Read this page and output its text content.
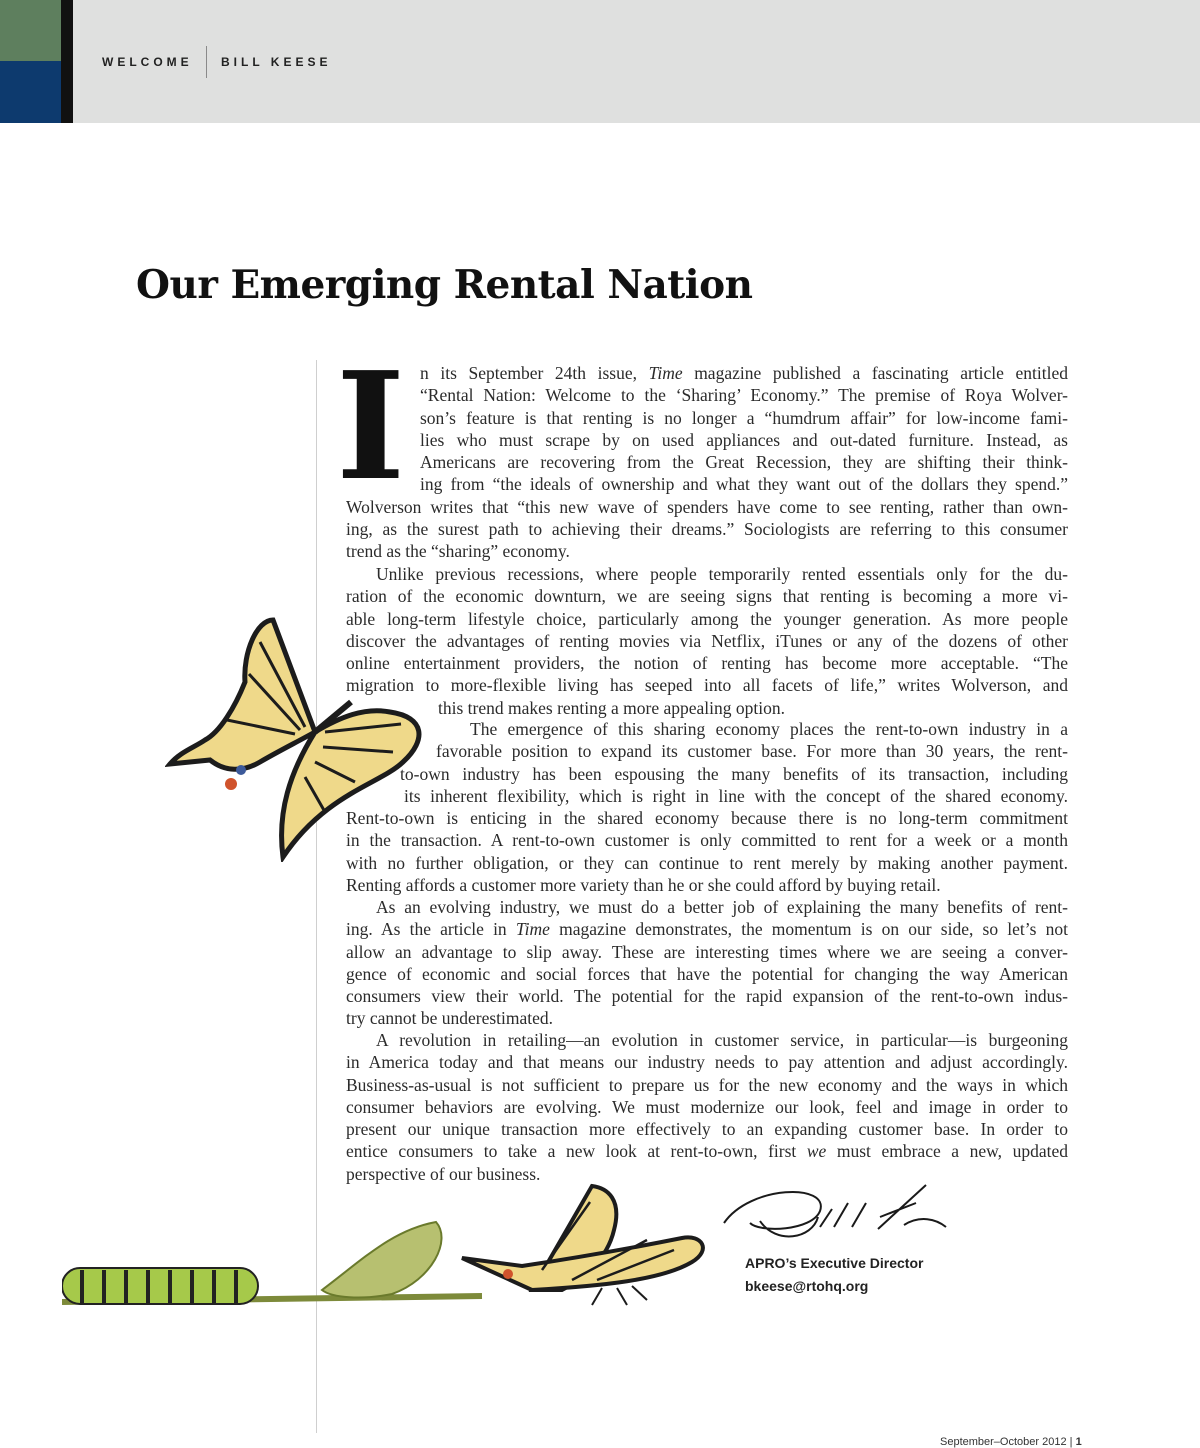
WELCOME BILL KEESE
Our Emerging Rental Nation
I n its September 24th issue, Time magazine published a fascinating article entitled
“Rental Nation: Welcome to the ‘Sharing’ Economy.” The premise of Roya Wolver-
son’s feature is that renting is no longer a “humdrum affair” for low-income fami-
lies who must scrape by on used appliances and out-dated furniture. Instead, as
Americans are recovering from the Great Recession, they are shifting their think-
ing from “the ideals of ownership and what they want out of the dollars they spend.”
Wolverson writes that “this new wave of spenders have come to see renting, rather than own-
ing, as the surest path to achieving their dreams.” Sociologists are referring to this consumer
trend as the “sharing” economy.
Unlike previous recessions, where people temporarily rented essentials only for the du-
ration of the economic downturn, we are seeing signs that renting is becoming a more vi-
able long-term lifestyle choice, particularly among the younger generation. As more people
discover the advantages of renting movies via Netflix, iTunes or any of the dozens of other
online entertainment providers, the notion of renting has become more acceptable. “The
migration to more-flexible living has seeped into all facets of life,” writes Wolverson, and
this trend makes renting a more appealing option.
The emergence of this sharing economy places the rent-to-own industry in a
favorable position to expand its customer base. For more than 30 years, the rent-
to-own industry has been espousing the many benefits of its transaction, including
its inherent flexibility, which is right in line with the concept of the shared economy.
Rent-to-own is enticing in the shared economy because there is no long-term commitment
in the transaction. A rent-to-own customer is only committed to rent for a week or a month
with no further obligation, or they can continue to rent merely by making another payment.
Renting affords a customer more variety than he or she could afford by buying retail.
As an evolving industry, we must do a better job of explaining the many benefits of rent-
ing. As the article in Time magazine demonstrates, the momentum is on our side, so let’s not
allow an advantage to slip away. These are interesting times where we are seeing a conver-
gence of economic and social forces that have the potential for changing the way American
consumers view their world. The potential for the rapid expansion of the rent-to-own indus-
try cannot be underestimated.
A revolution in retailing—an evolution in customer service, in particular—is burgeoning
in America today and that means our industry needs to pay attention and adjust accordingly.
Business-as-usual is not sufficient to prepare us for the new economy and the ways in which
consumer behaviors are evolving. We must modernize our look, feel and image in order to
present our unique transaction more effectively to an expanding customer base. In order to
entice consumers to take a new look at rent-to-own, first we must embrace a new, updated
perspective of our business.
Bill Keese
APRO’s Executive Director
bkeese@rtohq.org
September–October 2012 | 1
